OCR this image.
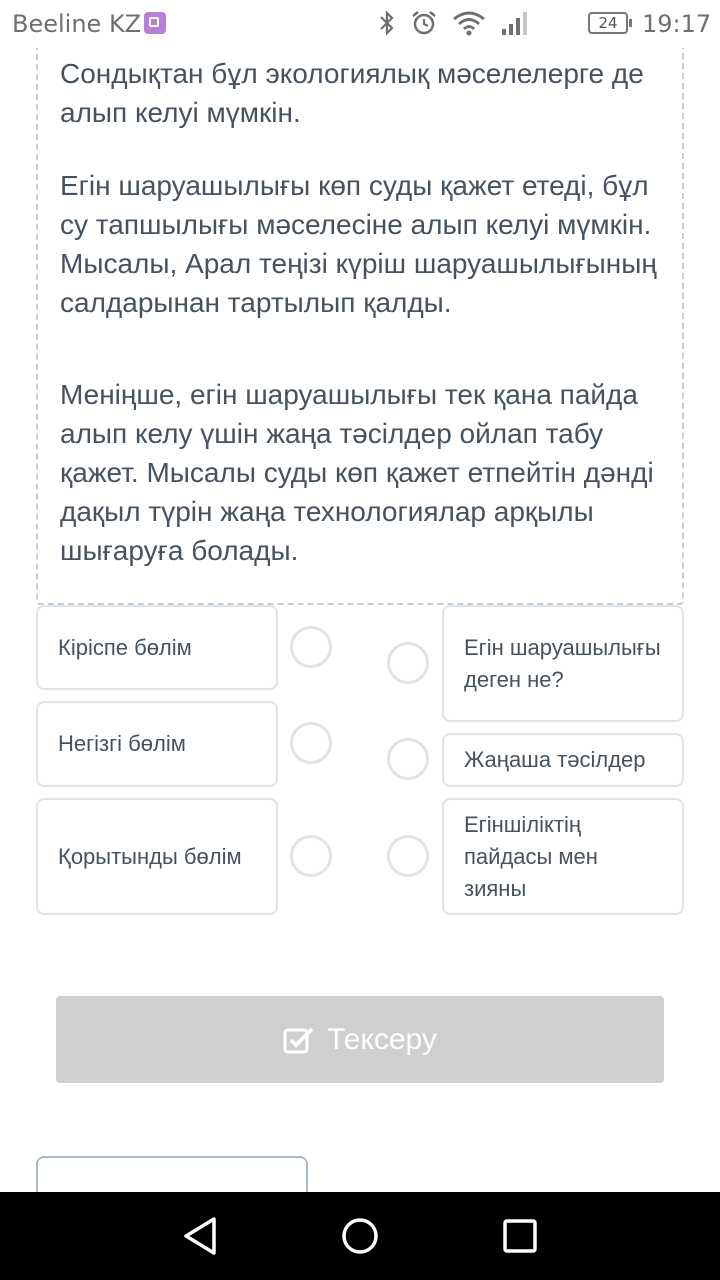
Beeline KZ	24	19:17
Сондықтан бұл экологиялық мәселелерге де алып келуі мүмкін.
Егін шаруашылығы көп суды қажет етеді, бұл су тапшылығы мәселесіне алып келуі мүмкін. Мысалы, Арал теңізі күріш шаруашылығының салдарынан тартылып қалды.
Меніңше, егін шаруашылығы тек қана пайда алып келу үшін жаңа тәсілдер ойлап табу қажет. Мысалы суды көп қажет етпейтін дәнді дақыл түрін жаңа технологиялар арқылы шығаруға болады.
Кіріспе бөлім
Негізгі бөлім
Қорытынды бөлім
Егін шаруашылығы деген не?
Жаңаша тәсілдер
Егіншіліктің пайдасы мен зияны
Тексеру
